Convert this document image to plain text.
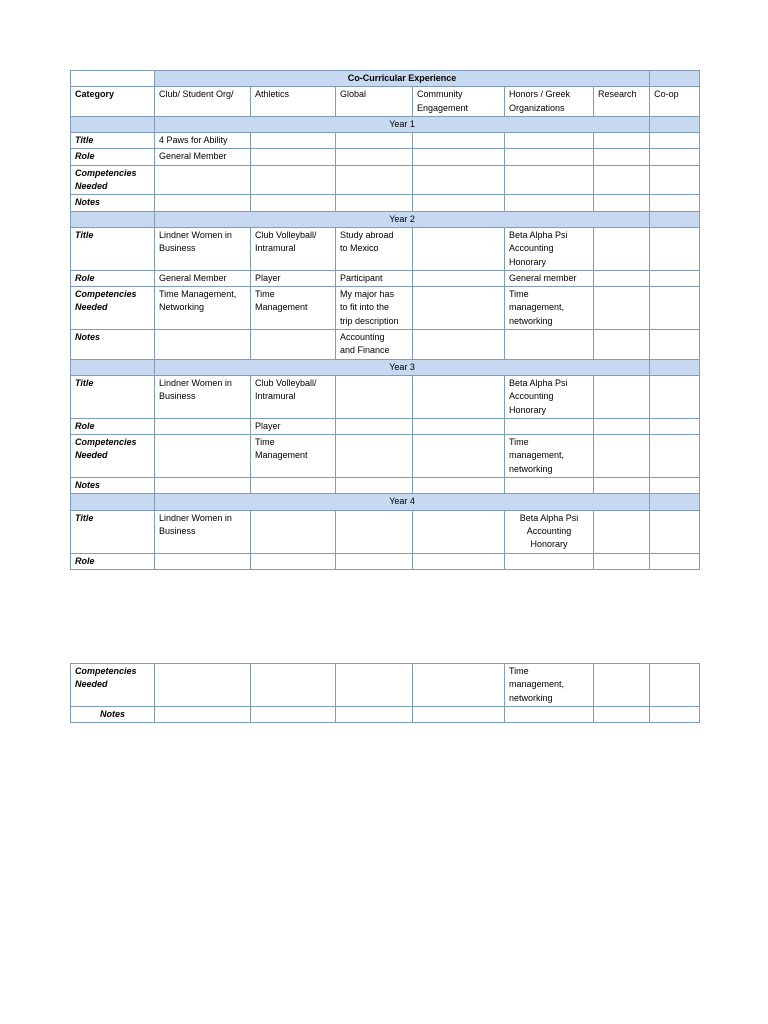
	Co-Curricular Experience						
Category	Club/ Student Org/	Athletics	Global	Community
Engagement	Honors / Greek
Organizations	Research	Co-op
	Year 1						
Title	4 Paws for Ability						
Role	General Member						
Competencies
Needed							
Notes							
	Year 2						
Title	Lindner Women in
Business	Club Volleyball/
Intramural	Study abroad
to Mexico		Beta Alpha Psi
Accounting
Honorary		
Role	General Member	Player	Participant		General member		
Competencies
Needed	Time Management,
Networking	Time
Management	My major has
to fit into the
trip description		Time
management,
networking		
Notes			Accounting
and Finance				
	Year 3						
Title	Lindner Women in
Business	Club Volleyball/
Intramural			Beta Alpha Psi
Accounting
Honorary		
Role		Player					
Competencies
Needed		Time
Management			Time
management,
networking		
Notes							
	Year 4						
Title	Lindner Women in
Business				Beta Alpha Psi
Accounting
Honorary		
Role							
Competencies
Needed					Time
management,
networking		
Notes							
